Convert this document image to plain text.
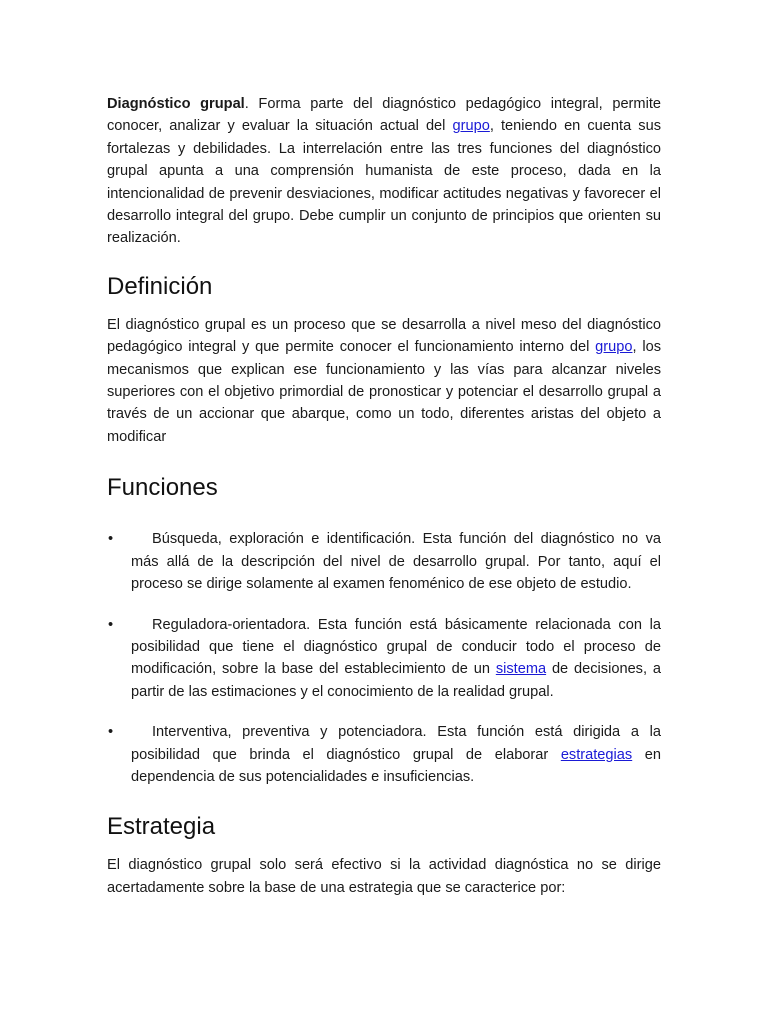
Diagnóstico grupal. Forma parte del diagnóstico pedagógico integral, permite conocer, analizar y evaluar la situación actual del grupo, teniendo en cuenta sus fortalezas y debilidades. La interrelación entre las tres funciones del diagnóstico grupal apunta a una comprensión humanista de este proceso, dada en la intencionalidad de prevenir desviaciones, modificar actitudes negativas y favorecer el desarrollo integral del grupo. Debe cumplir un conjunto de principios que orienten su realización.

Definición

El diagnóstico grupal es un proceso que se desarrolla a nivel meso del diagnóstico pedagógico integral y que permite conocer el funcionamiento interno del grupo, los mecanismos que explican ese funcionamiento y las vías para alcanzar niveles superiores con el objetivo primordial de pronosticar y potenciar el desarrollo grupal a través de un accionar que abarque, como un todo, diferentes aristas del objeto a modificar

Funciones
•	Búsqueda, exploración e identificación. Esta función del diagnóstico no va más allá de la descripción del nivel de desarrollo grupal. Por tanto, aquí el proceso se dirige solamente al examen fenoménico de ese objeto de estudio.

•	Reguladora-orientadora. Esta función está básicamente relacionada con la posibilidad que tiene el diagnóstico grupal de conducir todo el proceso de modificación, sobre la base del establecimiento de un sistema de decisiones, a partir de las estimaciones y el conocimiento de la realidad grupal.

•	Interventiva, preventiva y potenciadora. Esta función está dirigida a la posibilidad que brinda el diagnóstico grupal de elaborar estrategias en dependencia de sus potencialidades e insuficiencias.

Estrategia

El diagnóstico grupal solo será efectivo si la actividad diagnóstica no se dirige acertadamente sobre la base de una estrategia que se caracterice por:
